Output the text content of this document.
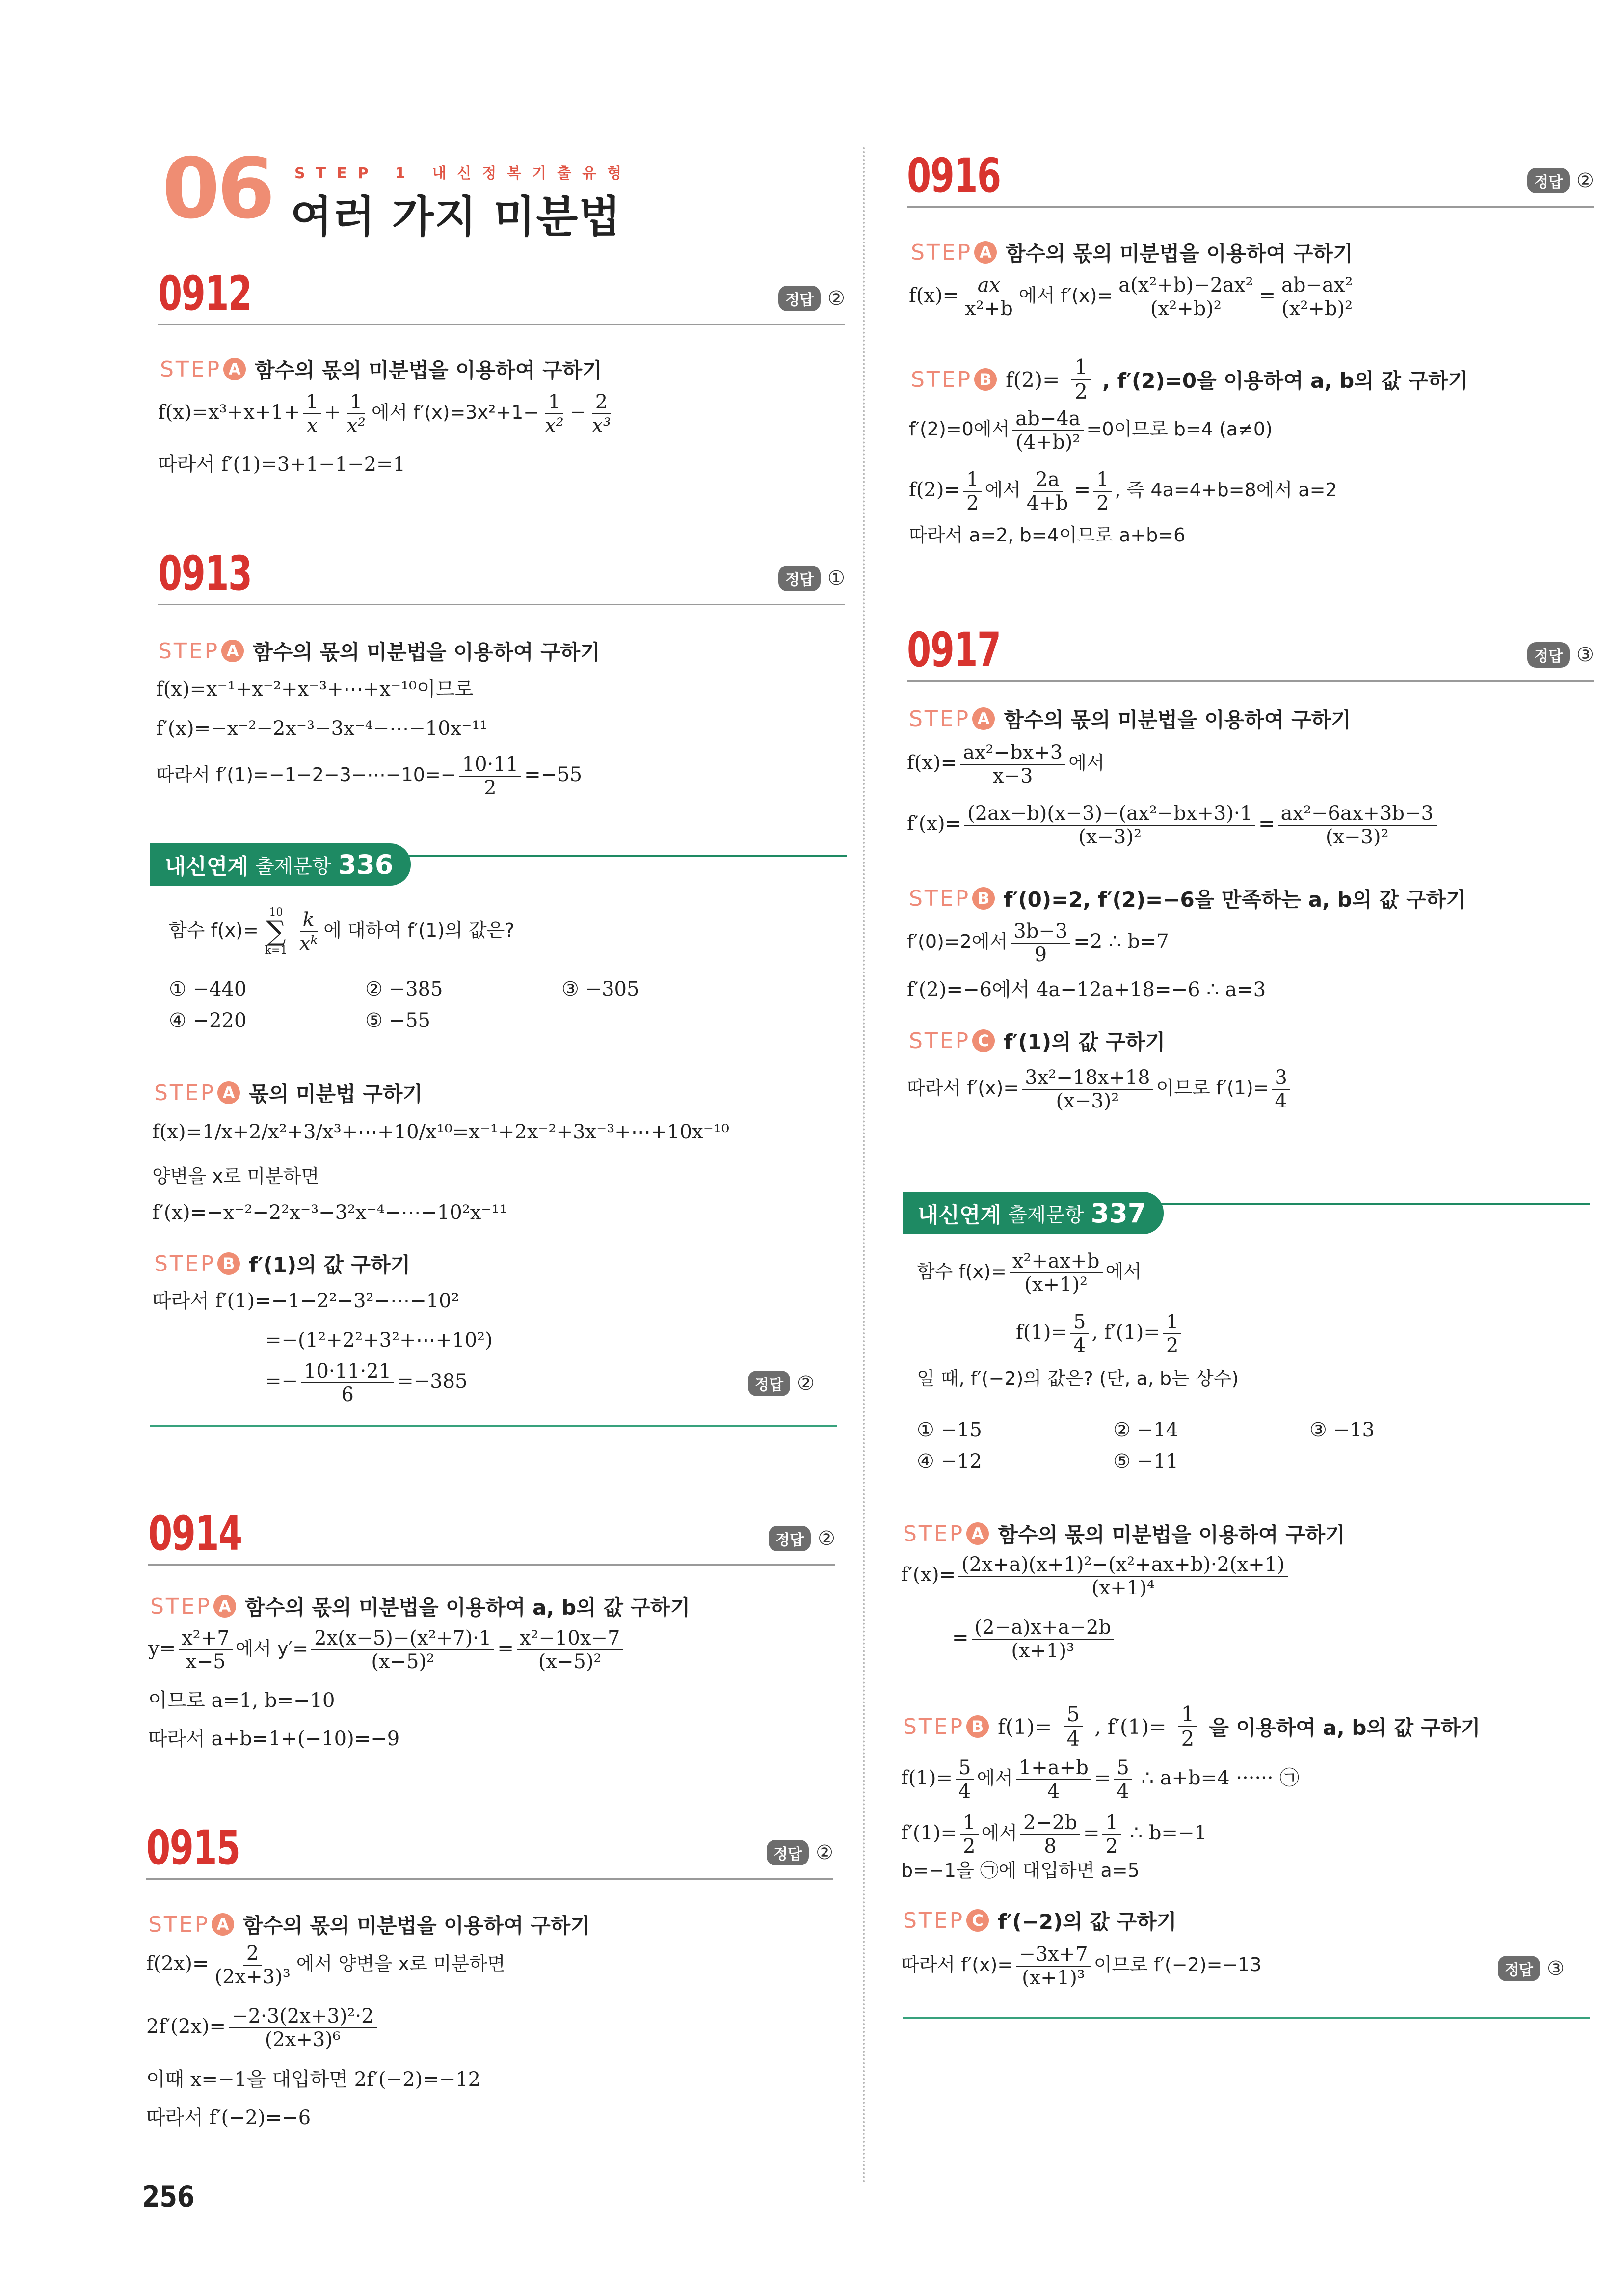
06 STEP 1 내신정복기출유형
여러 가지 미분법
0912	정답 ②
STEP A 함수의 몫의 미분법을 이용하여 구하기
$f(x)=x^3+x+1+ \frac{1}{x} + \frac{1}{\text{x²}}$ 에서 $f'(x)=3x^2+1- \frac{1}{\text{x²}} - \frac{2}{\text{x³}}$
따라서 f′(1)=3+1−1−2=1
0913	정답 ①
STEP A 함수의 몫의 미분법을 이용하여 구하기
f(x)=x⁻¹+x⁻²+x⁻³+⋯+x⁻¹⁰이므로
f′(x)=−x⁻²−2x⁻³−3x⁻⁴−⋯−10x⁻¹¹
따라서 f′(1)=−1−2−3−⋯−10=− $\frac{10\cdot 11}{2} =-55$
내신연계 출제문항 336
함수 f(x)=
10
∑
k=1
$\frac{k}{\text{xᵏ}}$ 에 대하여 f′(1)의 값은?
① −440	② −385	③ −305
④ −220	⑤ −55
STEP A 몫의 미분법 구하기
f(x)=1/x+2/x²+3/x³+⋯+10/x¹⁰=x⁻¹+2x⁻²+3x⁻³+⋯+10x⁻¹⁰
양변을 x로 미분하면
f′(x)=−x⁻²−2²x⁻³−3²x⁻⁴−⋯−10²x⁻¹¹
STEP B f′(1)의 값 구하기
따라서 f′(1)=−1−2²−3²−⋯−10²
=−(1²+2²+3²+⋯+10²)
=− $\frac{10\cdot 11\cdot 21}{6} =-385$	정답 ②
0914	정답 ②
STEP A 함수의 몫의 미분법을 이용하여 a, b의 값 구하기
$y= \frac{\text{x²+7}}{x-5}$ 에서 $y'= \frac{\text{2x(x−5)−(x²+7)·1}}{\text{(x−5)²}} = \frac{\text{x²−10x−7}}{\text{(x−5)²}}$
이므로 a=1, b=−10
따라서 a+b=1+(−10)=−9
0915	정답 ②
STEP A 함수의 몫의 미분법을 이용하여 구하기
$f(2x)= \frac{2}{\text{(2x+3)³}}$ 에서 양변을 x로 미분하면
$2f'(2x)= \frac{\text{−2·3(2x+3)²·2}}{\text{(2x+3)⁶}}$
이때 x=−1을 대입하면 2f′(−2)=−12
따라서 f′(−2)=−6
256
0916	정답 ②
STEP A 함수의 몫의 미분법을 이용하여 구하기
$f(x)= \frac{ax}{\text{x²+b}}$ 에서 $f'(x)= \frac{\text{a(x²+b)−2ax²}}{\text{(x²+b)²}} = \frac{\text{ab−ax²}}{\text{(x²+b)²}}$
STEP B $f(2)= \frac{1}{2}$ , f′(2)=0을 이용하여 a, b의 값 구하기
f′(2)=0에서 $\frac{ab-4a}{\text{(4+b)²}} =0$이므로 b=4 (a≠0)
$f(2)= \frac{1}{2}$ 에서 $\frac{2a}{4+b} = \frac{1}{2}$ , 즉 4a=4+b=8에서 a=2
따라서 a=2, b=4이므로 a+b=6
0917	정답 ③
STEP A 함수의 몫의 미분법을 이용하여 구하기
$f(x)= \frac{\text{ax²−bx+3}}{x-3}$ 에서
$f'(x)= \frac{\text{(2ax−b)(x−3)−(ax²−bx+3)·1}}{\text{(x−3)²}} = \frac{\text{ax²−6ax+3b−3}}{\text{(x−3)²}}$
STEP B f′(0)=2, f′(2)=−6을 만족하는 a, b의 값 구하기
f′(0)=2에서 $\frac{3b-3}{9} =2$ ∴ b=7
f′(2)=−6에서 4a−12a+18=−6 ∴ a=3
STEP C f′(1)의 값 구하기
따라서 $f'(x)= \frac{\text{3x²−18x+18}}{\text{(x−3)²}}$ 이므로 $f'(1)= \frac{3}{4}$
내신연계 출제문항 337
함수 $f(x)= \frac{\text{x²+ax+b}}{\text{(x+1)²}}$ 에서
$f(1)= \frac{5}{4}$ , $f'(1)= \frac{1}{2}$
일 때, f′(−2)의 값은? (단, a, b는 상수)
① −15	② −14	③ −13
④ −12	⑤ −11
STEP A 함수의 몫의 미분법을 이용하여 구하기
$f'(x)= \frac{\text{(2x+a)(x+1)²−(x²+ax+b)·2(x+1)}}{\text{(x+1)⁴}}$
= $\frac{(2-a)x+a-2b}{\text{(x+1)³}}$
STEP B $f(1)= \frac{5}{4}$ , $f'(1)= \frac{1}{2}$ 을 이용하여 a, b의 값 구하기
$f(1)= \frac{5}{4}$ 에서 $\frac{1+a+b}{4} = \frac{5}{4}$ ∴ a+b=4 ······ ㉠
$f'(1)= \frac{1}{2}$ 에서 $\frac{2-2b}{8} = \frac{1}{2}$ ∴ b=−1
b=−1을 ㉠에 대입하면 a=5
STEP C f′(−2)의 값 구하기
따라서 $f'(x)= \frac{-3x+7}{\text{(x+1)³}}$ 이므로 f′(−2)=−13	정답 ③
